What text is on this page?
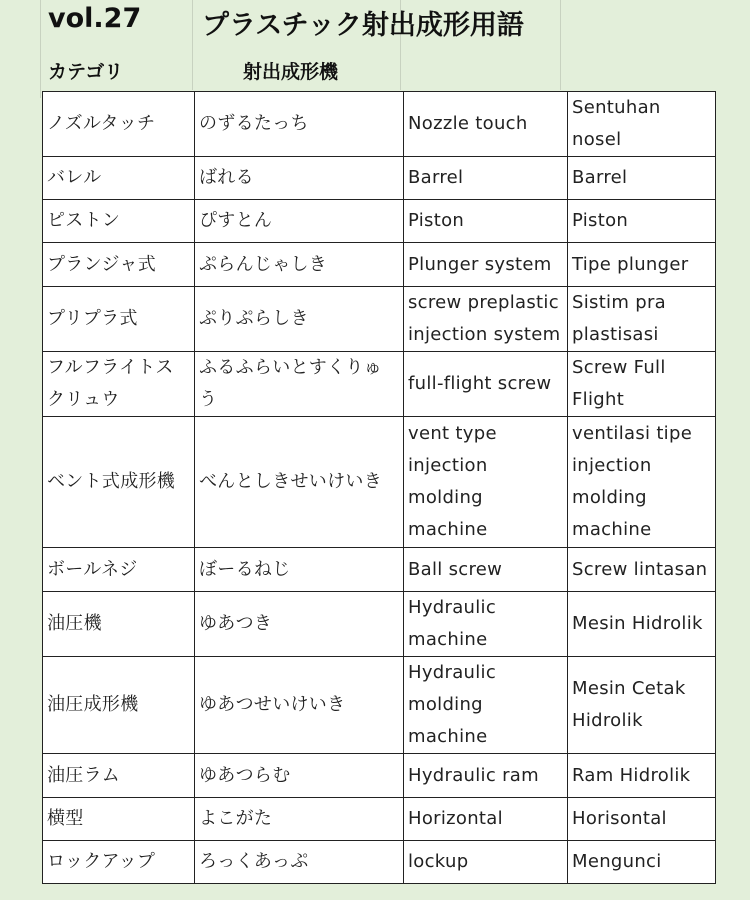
vol.27 プラスチック射出成形用語
カテゴリ	射出成形機
ノズルタッチ	のずるたっち	Nozzle touch	Sentuhan nosel
バレル	ばれる	Barrel	Barrel
ピストン	ぴすとん	Piston	Piston
プランジャ式	ぷらんじゃしき	Plunger system	Tipe plunger
プリプラ式	ぷりぷらしき	screw preplastic injection system	Sistim pra plastisasi
フルフライトスクリュウ	ふるふらいとすくりゅう	full-flight screw	Screw Full Flight
ベント式成形機	べんとしきせいけいき	vent type injection molding machine	ventilasi tipe injection molding machine
ボールネジ	ぼーるねじ	Ball screw	Screw lintasan
油圧機	ゆあつき	Hydraulic machine	Mesin Hidrolik
油圧成形機	ゆあつせいけいき	Hydraulic molding machine	Mesin Cetak Hidrolik
油圧ラム	ゆあつらむ	Hydraulic ram	Ram Hidrolik
横型	よこがた	Horizontal	Horisontal
ロックアップ	ろっくあっぷ	lockup	Mengunci
